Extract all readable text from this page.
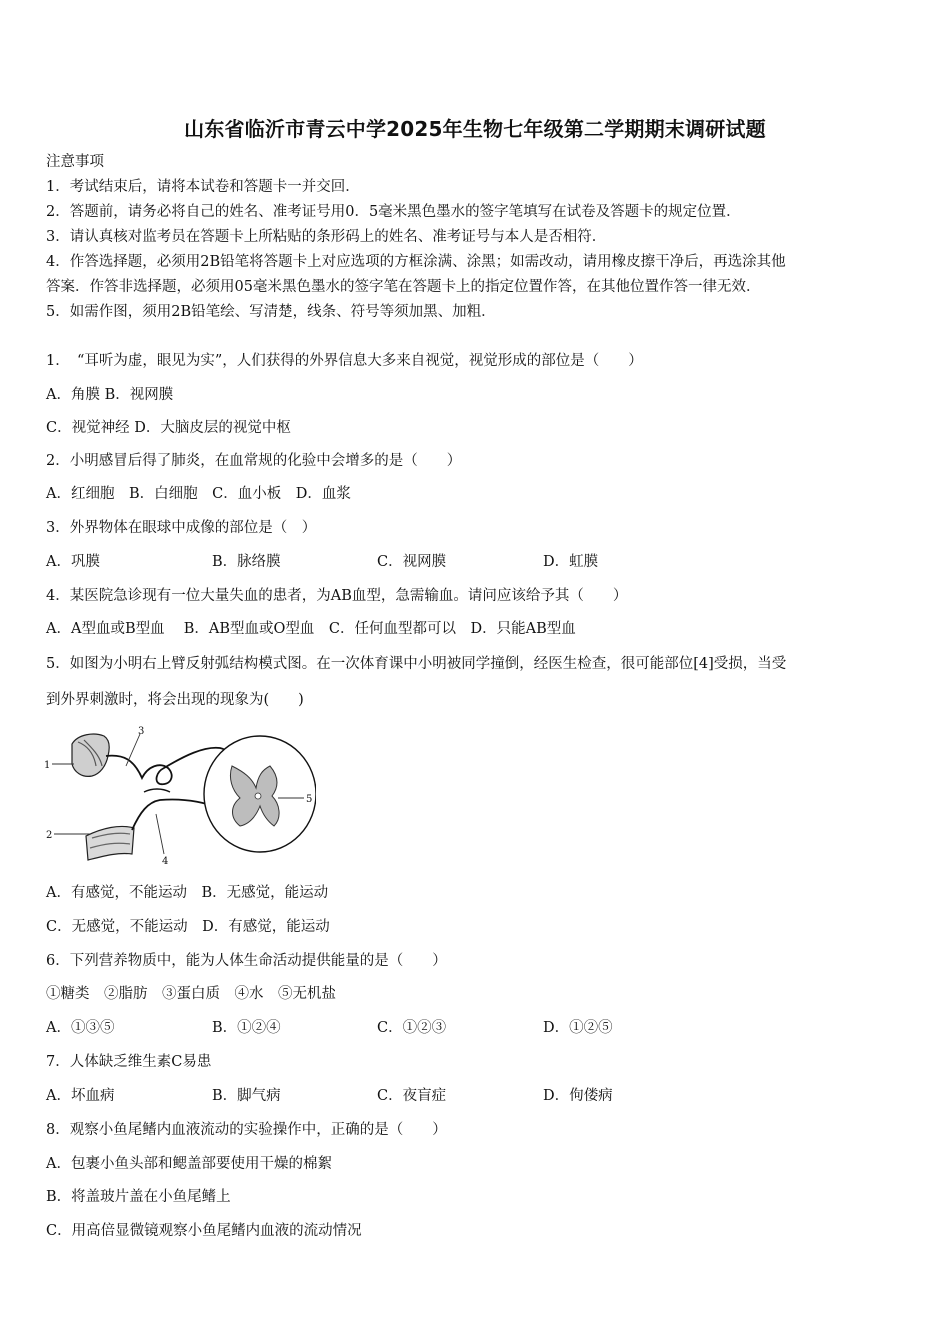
山东省临沂市青云中学2025年生物七年级第二学期期末调研试题
注意事项
1．考试结束后，请将本试卷和答题卡一并交回．
2．答题前，请务必将自己的姓名、准考证号用0．5毫米黑色墨水的签字笔填写在试卷及答题卡的规定位置．
3．请认真核对监考员在答题卡上所粘贴的条形码上的姓名、准考证号与本人是否相符．
4．作答选择题，必须用2B铅笔将答题卡上对应选项的方框涂满、涂黑；如需改动，请用橡皮擦干净后，再选涂其他
答案．作答非选择题，必须用05毫米黑色墨水的签字笔在答题卡上的指定位置作答，在其他位置作答一律无效．
5．如需作图，须用2B铅笔绘、写清楚，线条、符号等须加黑、加粗．
1．　“耳听为虚，眼见为实”，人们获得的外界信息大多来自视觉，视觉形成的部位是（　　）
A．角膜 B．视网膜
C．视觉神经 D．大脑皮层的视觉中枢
2．小明感冒后得了肺炎，在血常规的化验中会增多的是（　　）
A．红细胞　B．白细胞　C．血小板　D．血浆
3．外界物体在眼球中成像的部位是（　）
A．巩膜	B．脉络膜	C．视网膜	D．虹膜
4．某医院急诊现有一位大量失血的患者，为AB血型，急需输血。请问应该给予其（　　）
A．A型血或B型血　 B．AB型血或O型血　C．任何血型都可以　D．只能AB型血
5．如图为小明右上臂反射弧结构模式图。在一次体育课中小明被同学撞倒，经医生检查，很可能部位[4]受损，当受
到外界刺激时，将会出现的现象为(　　)
1
2
3
4
5
A．有感觉，不能运动　B．无感觉，能运动
C．无感觉，不能运动　D．有感觉，能运动
6．下列营养物质中，能为人体生命活动提供能量的是（　　）
①糖类　②脂肪　③蛋白质　④水　⑤无机盐
A．①③⑤	B．①②④	C．①②③	D．①②⑤
7．人体缺乏维生素C易患
A．坏血病	B．脚气病	C．夜盲症	D．佝偻病
8．观察小鱼尾鳍内血液流动的实验操作中，正确的是（　　）
A．包裹小鱼头部和鳃盖部要使用干燥的棉絮
B．将盖玻片盖在小鱼尾鳍上
C．用高倍显微镜观察小鱼尾鳍内血液的流动情况
